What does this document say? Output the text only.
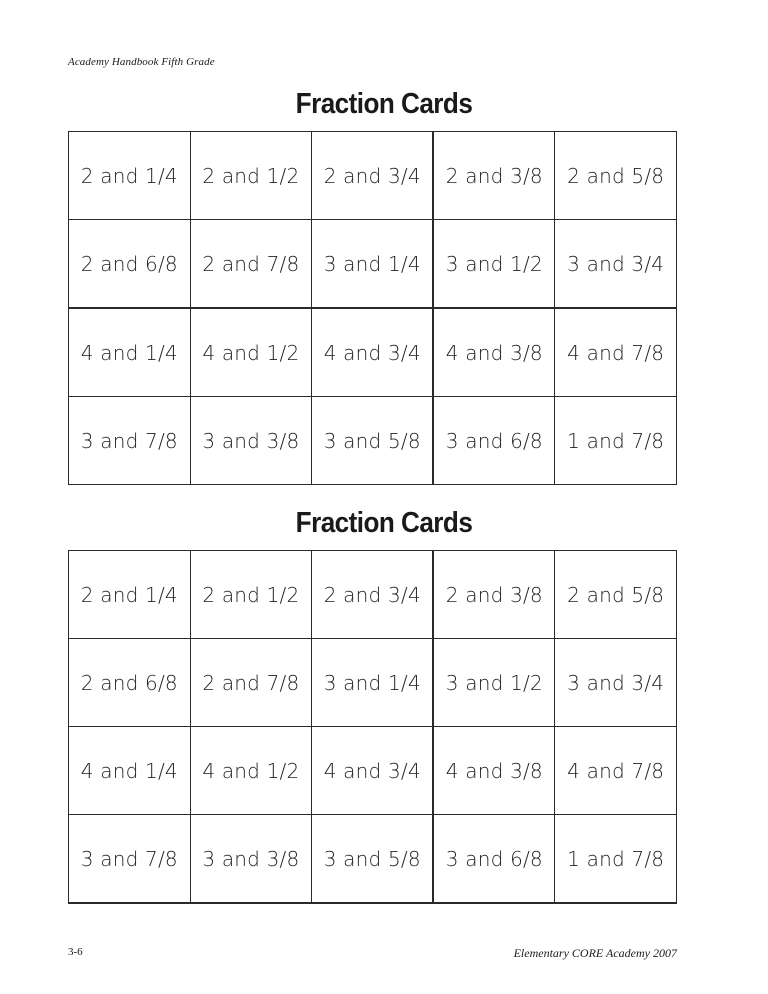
Academy Handbook Fifth Grade
Fraction Cards
2 and 1/4	2 and 1/2	2 and 3/4	2 and 3/8	2 and 5/8
2 and 6/8	2 and 7/8	3 and 1/4	3 and 1/2	3 and 3/4
4 and 1/4	4 and 1/2	4 and 3/4	4 and 3/8	4 and 7/8
3 and 7/8	3 and 3/8	3 and 5/8	3 and 6/8	1 and 7/8
Fraction Cards
2 and 1/4	2 and 1/2	2 and 3/4	2 and 3/8	2 and 5/8
2 and 6/8	2 and 7/8	3 and 1/4	3 and 1/2	3 and 3/4
4 and 1/4	4 and 1/2	4 and 3/4	4 and 3/8	4 and 7/8
3 and 7/8	3 and 3/8	3 and 5/8	3 and 6/8	1 and 7/8
3-6	Elementary CORE Academy 2007
